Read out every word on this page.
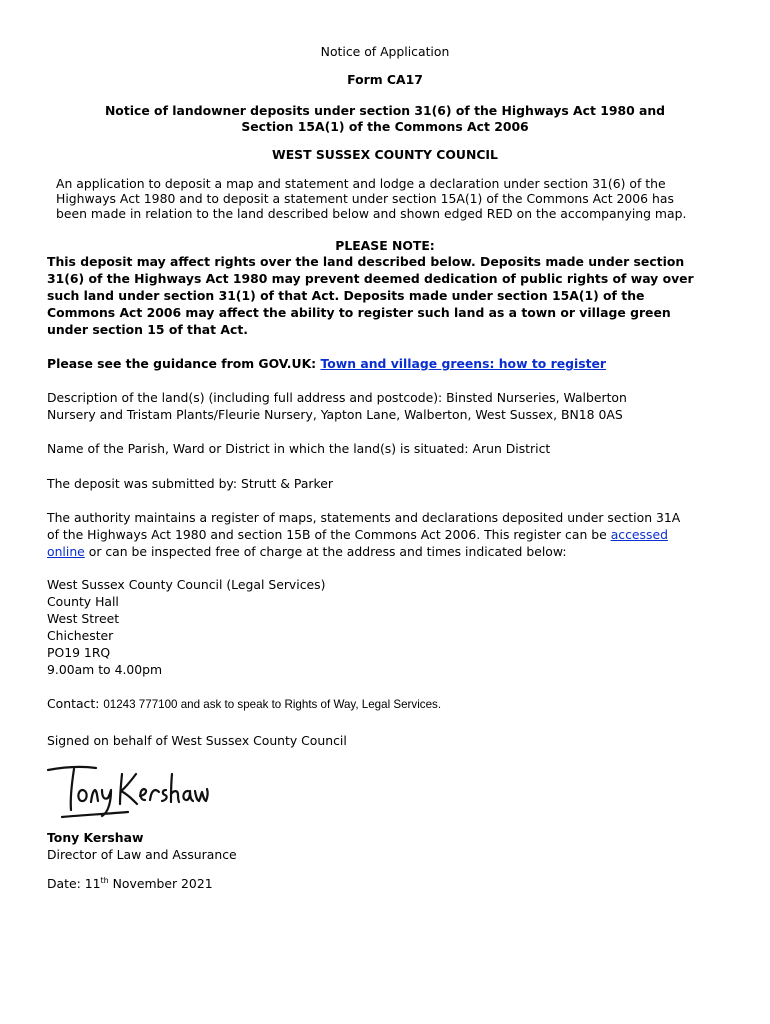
Notice of Application
Form CA17
Notice of landowner deposits under section 31(6) of the Highways Act 1980 and
Section 15A(1) of the Commons Act 2006
WEST SUSSEX COUNTY COUNCIL
An application to deposit a map and statement and lodge a declaration under section 31(6) of the
Highways Act 1980 and to deposit a statement under section 15A(1) of the Commons Act 2006 has
been made in relation to the land described below and shown edged RED on the accompanying map.
PLEASE NOTE:
This deposit may affect rights over the land described below. Deposits made under section
31(6) of the Highways Act 1980 may prevent deemed dedication of public rights of way over
such land under section 31(1) of that Act. Deposits made under section 15A(1) of the
Commons Act 2006 may affect the ability to register such land as a town or village green
under section 15 of that Act.
Please see the guidance from GOV.UK: Town and village greens: how to register
Description of the land(s) (including full address and postcode): Binsted Nurseries, Walberton
Nursery and Tristam Plants/Fleurie Nursery, Yapton Lane, Walberton, West Sussex, BN18 0AS
Name of the Parish, Ward or District in which the land(s) is situated: Arun District
The deposit was submitted by: Strutt & Parker
The authority maintains a register of maps, statements and declarations deposited under section 31A
of the Highways Act 1980 and section 15B of the Commons Act 2006. This register can be accessed
online or can be inspected free of charge at the address and times indicated below:
West Sussex County Council (Legal Services)
County Hall
West Street
Chichester
PO19 1RQ
9.00am to 4.00pm
Contact: 01243 777100 and ask to speak to Rights of Way, Legal Services.
Signed on behalf of West Sussex County Council
Tony Kershaw
Director of Law and Assurance
Date: 11th November 2021
